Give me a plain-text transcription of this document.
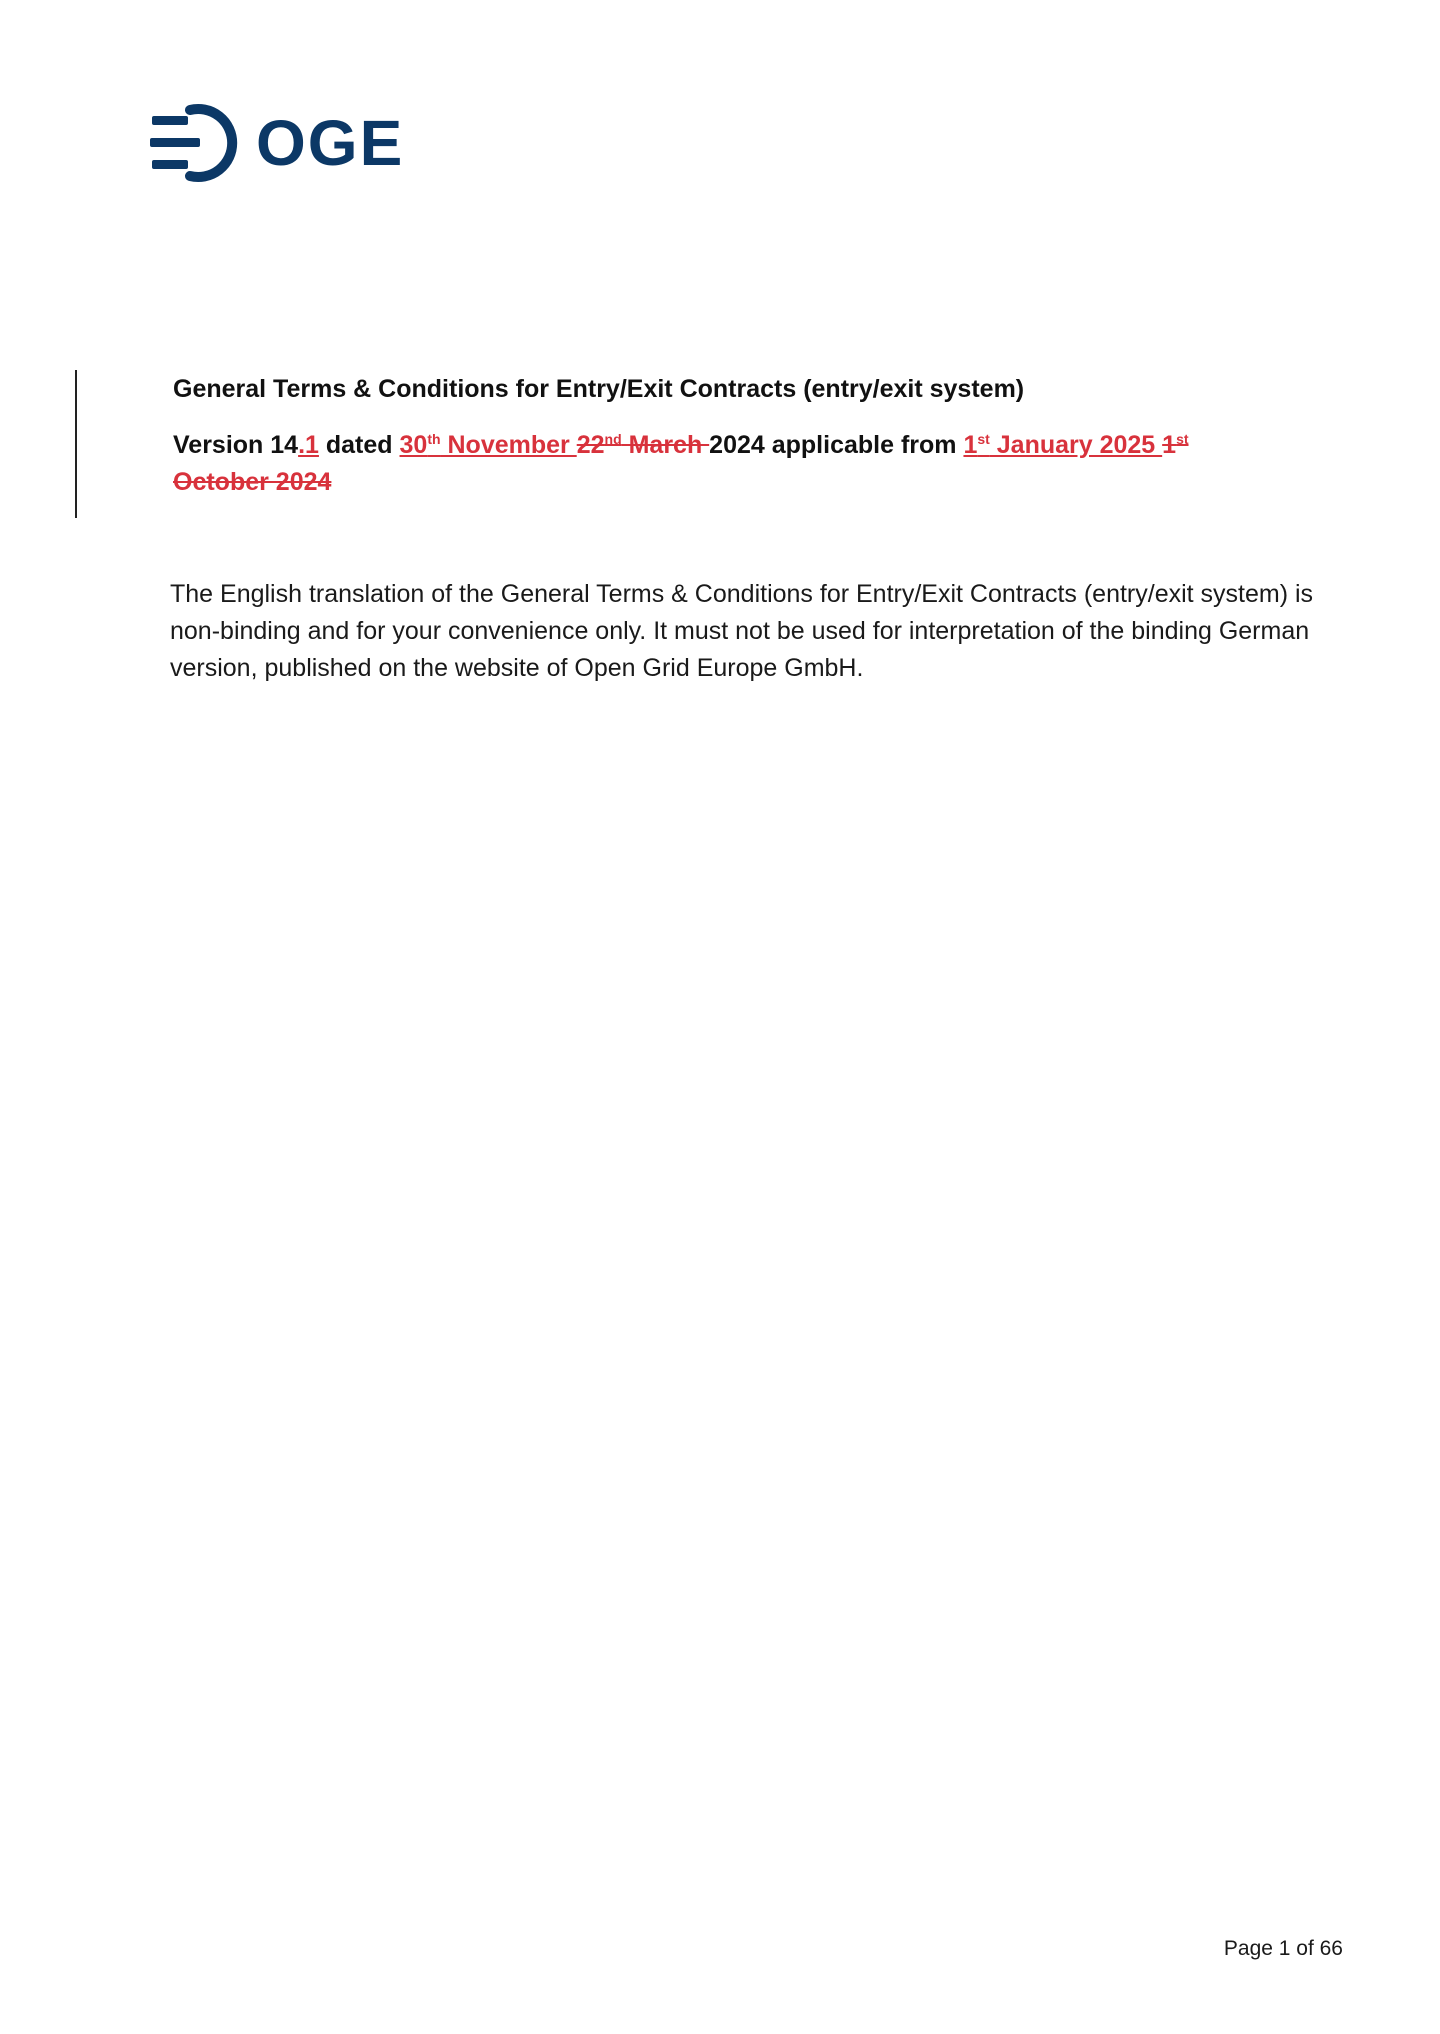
OGE
General Terms & Conditions for Entry/Exit Contracts (entry/exit system)
Version 14.1 dated 30th November 22nd March 2024 applicable from 1st January 2025 1st October 2024
The English translation of the General Terms & Conditions for Entry/Exit Contracts (entry/exit system) is non-binding and for your convenience only. It must not be used for interpretation of the binding German version, published on the website of Open Grid Europe GmbH.
Page 1 of 66
